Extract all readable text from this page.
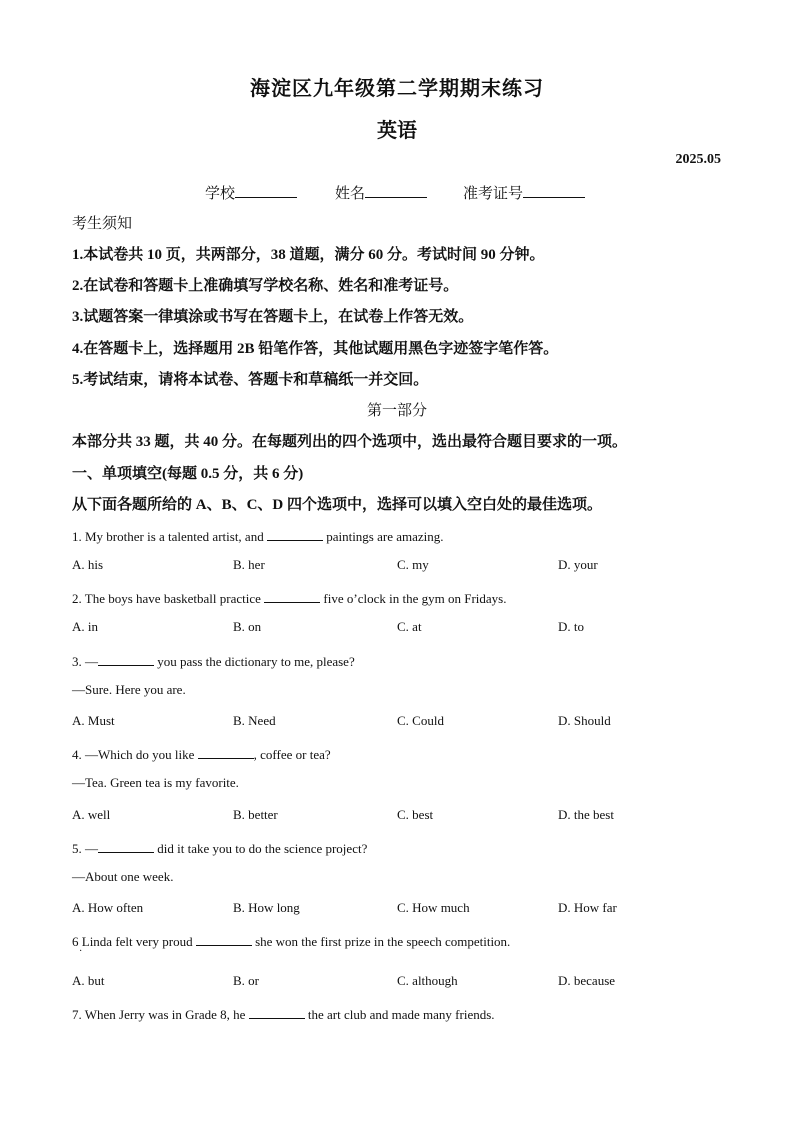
海淀区九年级第二学期期末练习
英语
2025.05
学校	姓名	准考证号
考生须知
1.本试卷共 10 页，共两部分，38 道题，满分 60 分。考试时间 90 分钟。
2.在试卷和答题卡上准确填写学校名称、姓名和准考证号。
3.试题答案一律填涂或书写在答题卡上，在试卷上作答无效。
4.在答题卡上，选择题用 2B 铅笔作答，其他试题用黑色字迹签字笔作答。
5.考试结束，请将本试卷、答题卡和草稿纸一并交回。
第一部分
本部分共 33 题，共 40 分。在每题列出的四个选项中，选出最符合题目要求的一项。
一、单项填空(每题 0.5 分，共 6 分)
从下面各题所给的 A、B、C、D 四个选项中，选择可以填入空白处的最佳选项。
1. My brother is a talented artist, and	paintings are amazing.
A. his	B. her	C. my	D. your
2. The boys have basketball practice	five o’clock in the gym on Fridays.
A. in	B. on	C. at	D. to
3. —	you pass the dictionary to me, please?
—Sure. Here you are.
A. Must	B. Need	C. Could	D. Should
4. —Which do you like	, coffee or tea?
—Tea. Green tea is my favorite.
A. well	B. better	C. best	D. the best
5. —	did it take you to do the science project?
—About one week.
A. How often	B. How long	C. How much	D. How far
6 Linda felt very proud	she won the first prize in the speech competition.
·
A. but	B. or	C. although	D. because
7. When Jerry was in Grade 8, he	the art club and made many friends.
